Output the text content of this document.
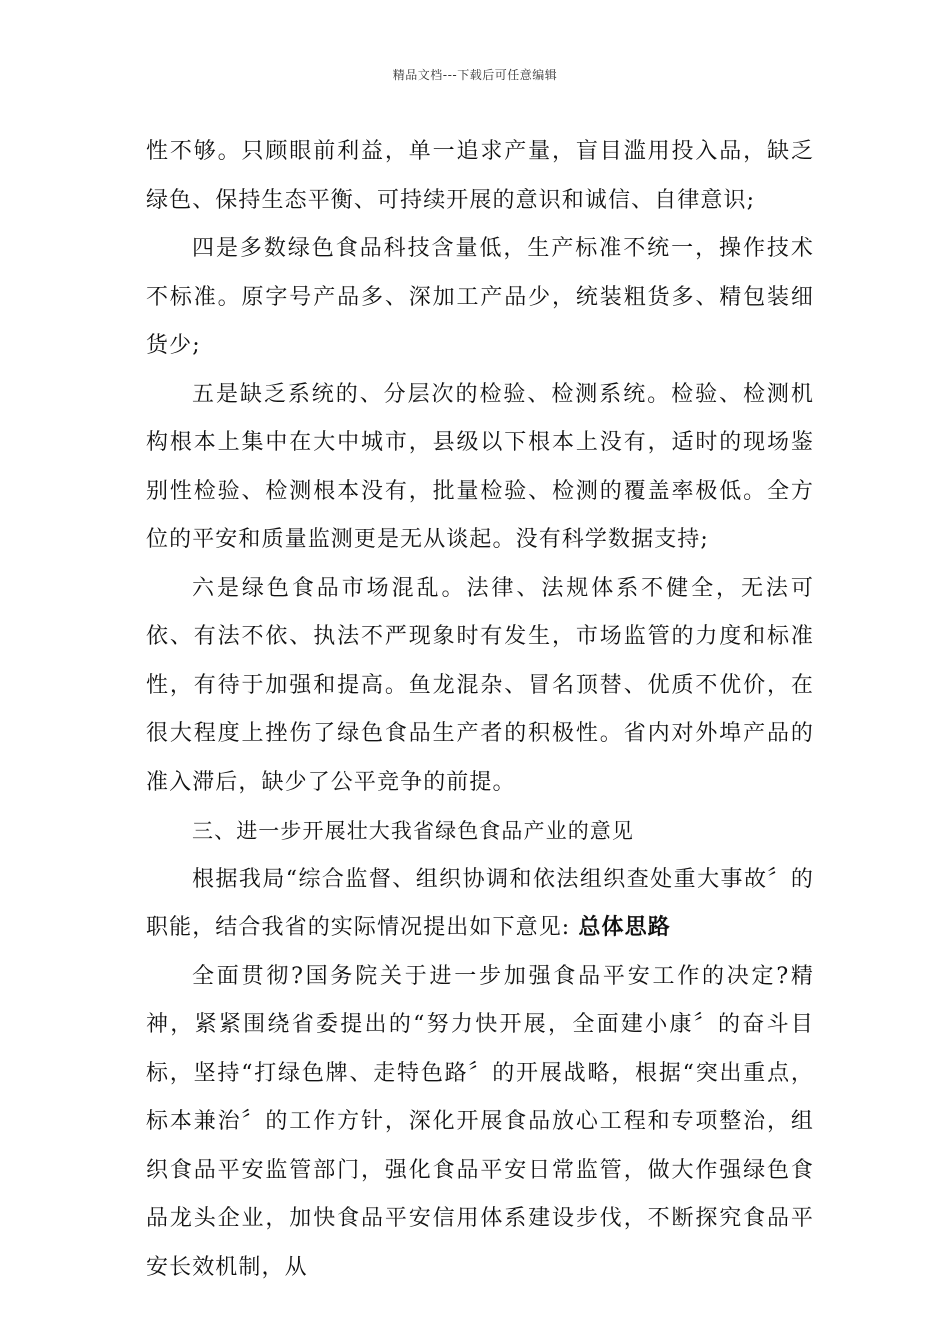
精品文档---下载后可任意编辑

性不够。只顾眼前利益，单一追求产量，盲目滥用投入品，缺乏绿色、保持生态平衡、可持续开展的意识和诚信、自律意识;

四是多数绿色食品科技含量低，生产标准不统一，操作技术不标准。原字号产品多、深加工产品少，统装粗货多、精包装细货少;

五是缺乏系统的、分层次的检验、检测系统。检验、检测机构根本上集中在大中城市，县级以下根本上没有，适时的现场鉴别性检验、检测根本没有，批量检验、检测的覆盖率极低。全方位的平安和质量监测更是无从谈起。没有科学数据支持;

六是绿色食品市场混乱。法律、法规体系不健全，无法可依、有法不依、执法不严现象时有发生，市场监管的力度和标准性，有待于加强和提高。鱼龙混杂、冒名顶替、优质不优价，在很大程度上挫伤了绿色食品生产者的积极性。省内对外埠产品的准入滞后，缺少了公平竞争的前提。

三、进一步开展壮大我省绿色食品产业的意见

根据我局“综合监督、组织协调和依法组织查处重大事故〞的职能，结合我省的实际情况提出如下意见: 总体思路

全面贯彻?国务院关于进一步加强食品平安工作的决定?精神，紧紧围绕省委提出的“努力快开展，全面建小康〞的奋斗目标，坚持“打绿色牌、走特色路〞的开展战略，根据“突出重点，标本兼治〞的工作方针，深化开展食品放心工程和专项整治，组织食品平安监管部门，强化食品平安日常监管，做大作强绿色食品龙头企业，加快食品平安信用体系建设步伐，不断探究食品平安长效机制，从
